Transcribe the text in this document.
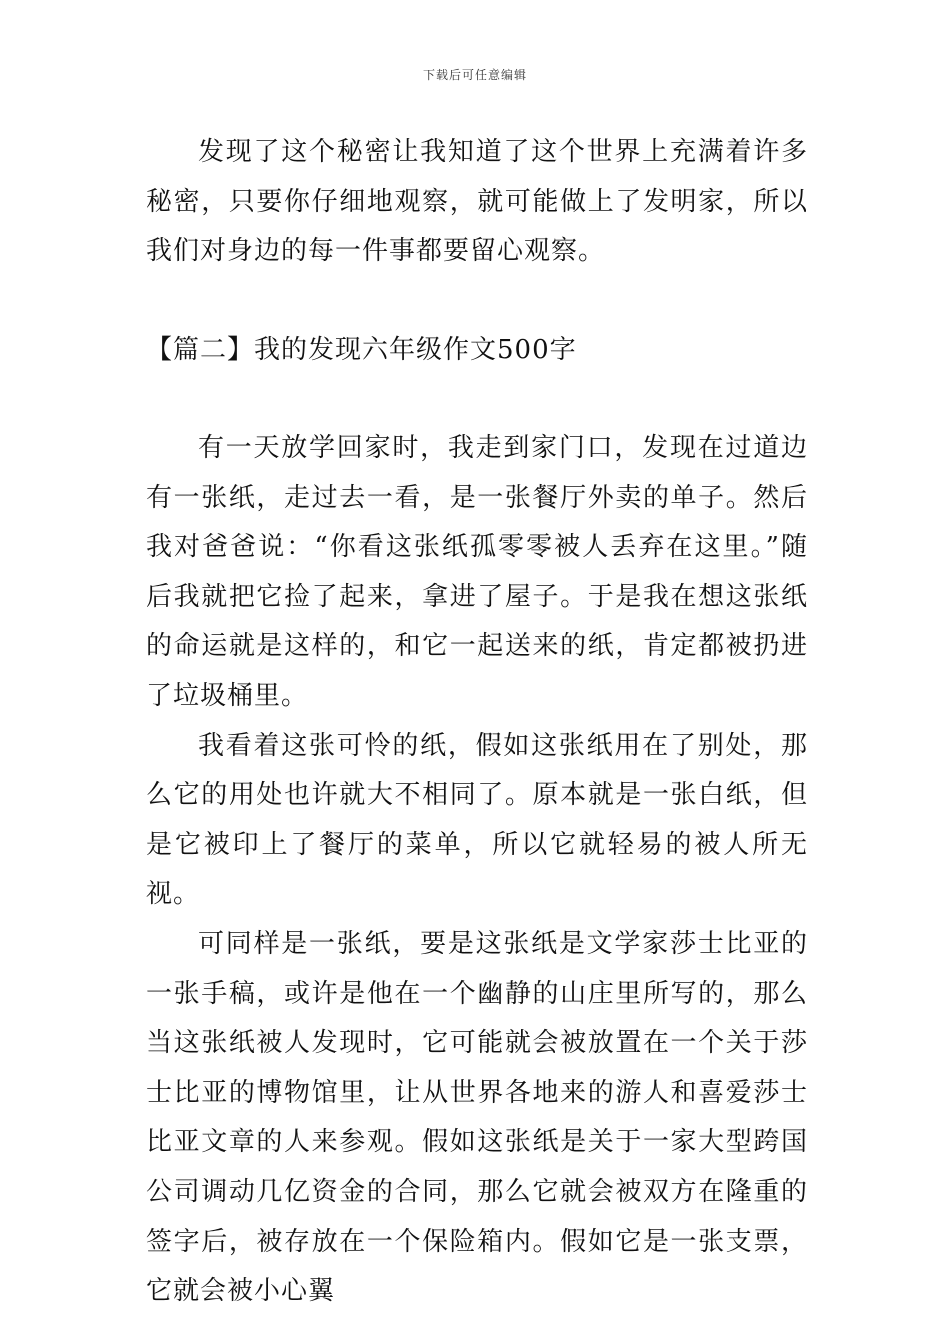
下载后可任意编辑

发现了这个秘密让我知道了这个世界上充满着许多秘密，只要你仔细地观察，就可能做上了发明家，所以我们对身边的每一件事都要留心观察。

【篇二】我的发现六年级作文500字

有一天放学回家时，我走到家门口，发现在过道边有一张纸，走过去一看，是一张餐厅外卖的单子。然后我对爸爸说：“你看这张纸孤零零被人丢弃在这里。”随后我就把它捡了起来，拿进了屋子。于是我在想这张纸的命运就是这样的，和它一起送来的纸，肯定都被扔进了垃圾桶里。

我看着这张可怜的纸，假如这张纸用在了别处，那么它的用处也许就大不相同了。原本就是一张白纸，但是它被印上了餐厅的菜单，所以它就轻易的被人所无视。

可同样是一张纸，要是这张纸是文学家莎士比亚的一张手稿，或许是他在一个幽静的山庄里所写的，那么当这张纸被人发现时，它可能就会被放置在一个关于莎士比亚的博物馆里，让从世界各地来的游人和喜爱莎士比亚文章的人来参观。假如这张纸是关于一家大型跨国公司调动几亿资金的合同，那么它就会被双方在隆重的签字后，被存放在一个保险箱内。假如它是一张支票，它就会被小心翼
